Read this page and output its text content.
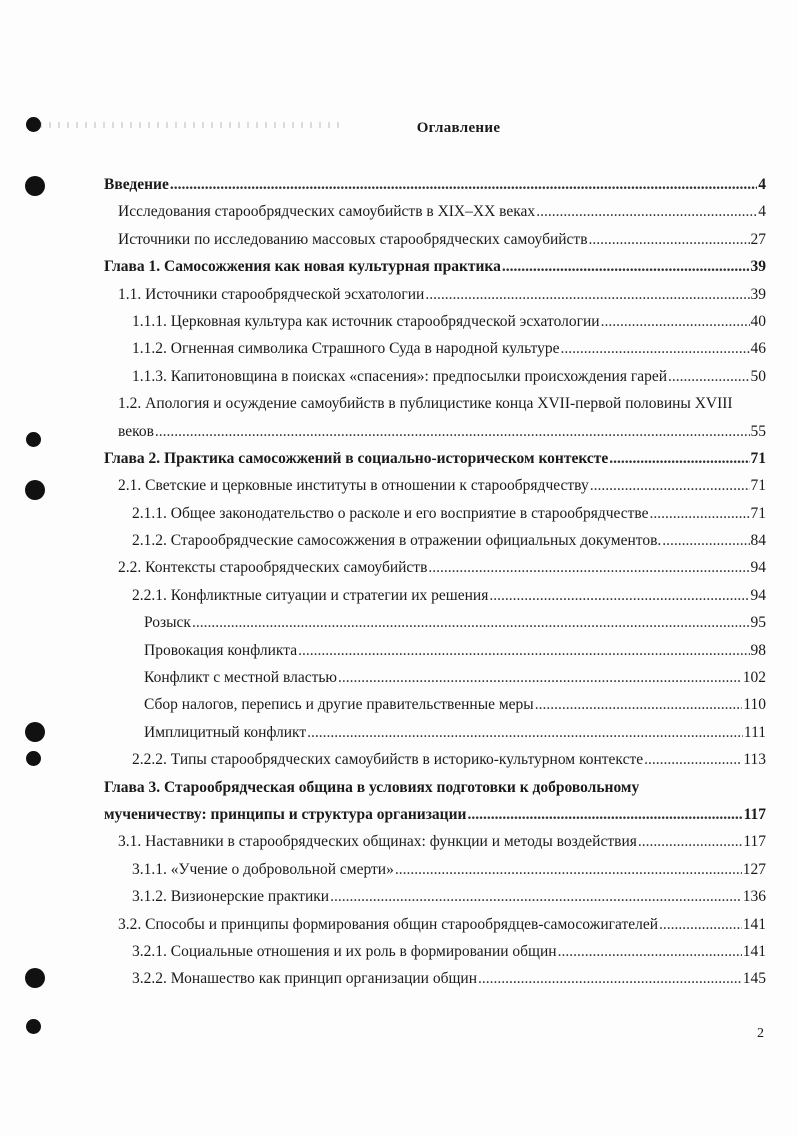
Оглавление
Введение .....	4
Исследования старообрядческих самоубийств в XIX–XX веках .....	4
Источники по исследованию массовых старообрядческих самоубийств .....	27
Глава 1. Самосожжения как новая культурная практика .....	39
1.1. Источники старообрядческой эсхатологии .....	39
1.1.1. Церковная культура как источник старообрядческой эсхатологии .....	40
1.1.2. Огненная символика Страшного Суда в народной культуре .....	46
1.1.3. Капитоновщина в поисках «спасения»: предпосылки происхождения гарей .....	50
1.2. Апология и осуждение самоубийств в публицистике конца XVII-первой половины XVIII
веков .....	55
Глава 2. Практика самосожжений в социально-историческом контексте .....	71
2.1. Светские и церковные институты в отношении к старообрядчеству .....	71
2.1.1. Общее законодательство о расколе и его восприятие в старообрядчестве .....	71
2.1.2. Старообрядческие самосожжения в отражении официальных документов. .....	84
2.2. Контексты старообрядческих самоубийств .....	94
2.2.1. Конфликтные ситуации и стратегии их решения .....	94
Розыск .....	95
Провокация конфликта .....	98
Конфликт с местной властью .....	102
Сбор налогов, перепись и другие правительственные меры .....	110
Имплицитный конфликт .....	111
2.2.2. Типы старообрядческих самоубийств в историко-культурном контексте .....	113
Глава 3. Старообрядческая община в условиях подготовки к добровольному
мученичеству: принципы и структура организации .....	117
3.1. Наставники в старообрядческих общинах: функции и методы воздействия .....	117
3.1.1. «Учение о добровольной смерти» .....	127
3.1.2. Визионерские практики .....	136
3.2. Способы и принципы формирования общин старообрядцев-самосожигателей .....	141
3.2.1. Социальные отношения и их роль в формировании общин .....	141
3.2.2. Монашество как принцип организации общин .....	145
2
